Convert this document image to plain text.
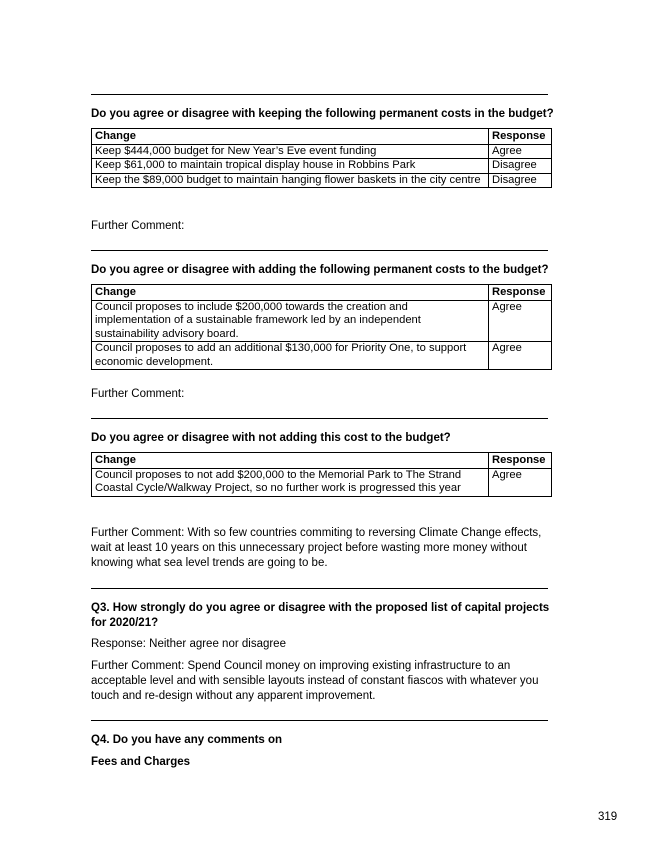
Do you agree or disagree with keeping the following permanent costs in the budget?
Change	Response
Keep $444,000 budget for New Year’s Eve event funding	Agree
Keep $61,000 to maintain tropical display house in Robbins Park	Disagree
Keep the $89,000 budget to maintain hanging flower baskets in the city centre	Disagree
Further Comment:
Do you agree or disagree with adding the following permanent costs to the budget?
Change	Response
Council proposes to include $200,000 towards the creation and implementation of a sustainable framework led by an independent sustainability advisory board.	Agree
Council proposes to add an additional $130,000 for Priority One, to support economic development.	Agree
Further Comment:
Do you agree or disagree with not adding this cost to the budget?
Change	Response
Council proposes to not add $200,000 to the Memorial Park to The Strand Coastal Cycle/Walkway Project, so no further work is progressed this year	Agree
Further Comment: With so few countries commiting to reversing Climate Change effects, wait at least 10 years on this unnecessary project before wasting more money without knowing what sea level trends are going to be.
Q3. How strongly do you agree or disagree with the proposed list of capital projects for 2020/21?
Response: Neither agree nor disagree
Further Comment: Spend Council money on improving existing infrastructure to an acceptable level and with sensible layouts instead of constant fiascos with whatever you touch and re-design without any apparent improvement.
Q4. Do you have any comments on
Fees and Charges
319
